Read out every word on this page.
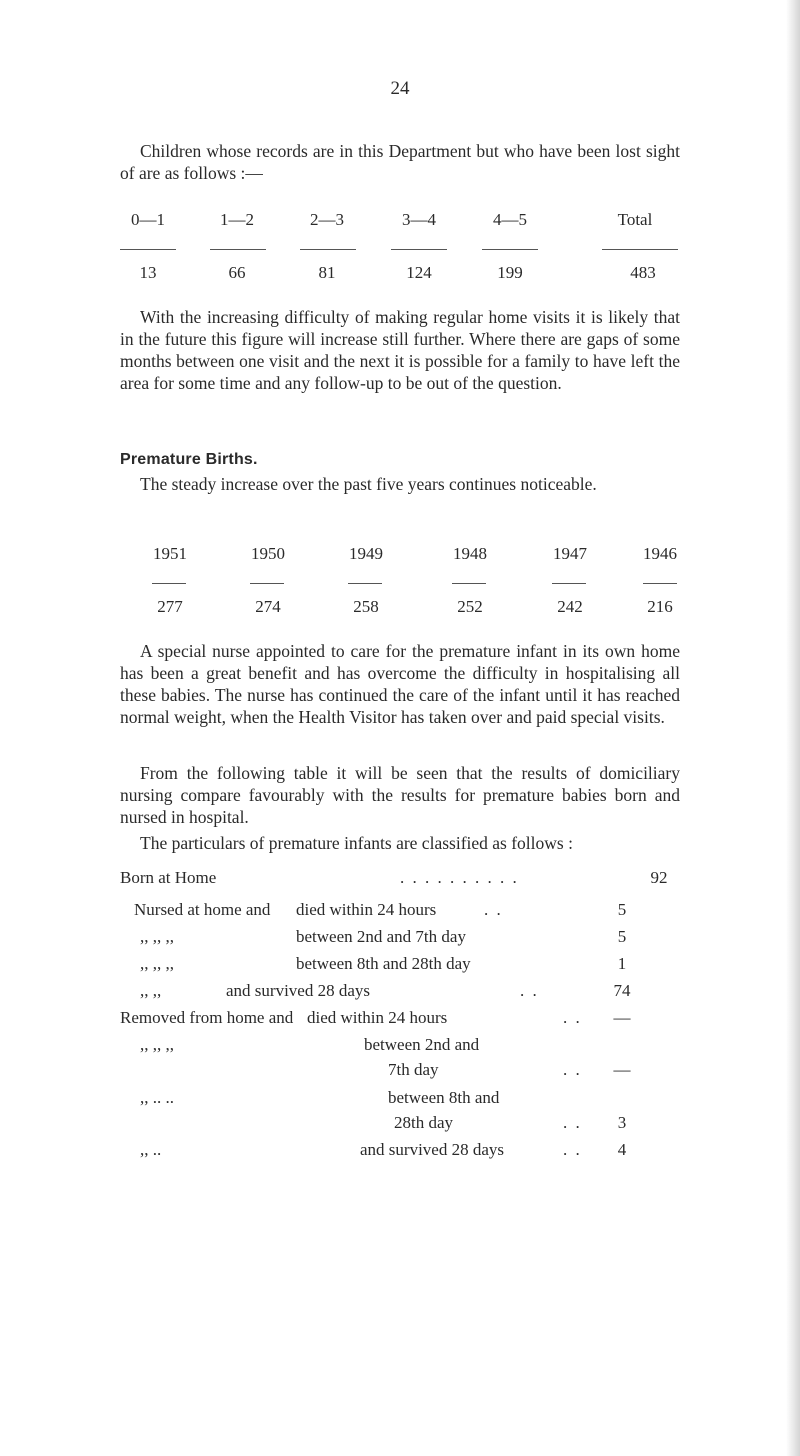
24

Children whose records are in this Department but who have been lost sight of are as follows :—

0—1	1—2	2—3	3—4	4—5	Total
13	66	81	124	199	483

With the increasing difficulty of making regular home visits it is likely that in the future this figure will increase still further. Where there are gaps of some months between one visit and the next it is possible for a family to have left the area for some time and any follow-up to be out of the question.

Premature Births.

The steady increase over the past five years continues noticeable.

1951	1950	1949	1948	1947	1946
277	274	258	252	242	216

A special nurse appointed to care for the premature infant in its own home has been a great benefit and has overcome the difficulty in hospitalising all these babies. The nurse has continued the care of the infant until it has reached normal weight, when the Health Visitor has taken over and paid special visits.

From the following table it will be seen that the results of domiciliary nursing compare favourably with the results for premature babies born and nursed in hospital.

The particulars of premature infants are classified as follows :

Born at Home	. . . . . . . . . .	92
Nursed at home and died within 24 hours	. .	5
,, ,, ,,	between 2nd and 7th day	5
,, ,, ,,	between 8th and 28th day	1
,, ,,	and survived 28 days	. .	74
Removed from home and died within 24 hours	. .	—
,, ,, ,,	between 2nd and
7th day	. .	—
,, .. ..	between 8th and
28th day	. .	3
,, ..	and survived 28 days	. .	4
